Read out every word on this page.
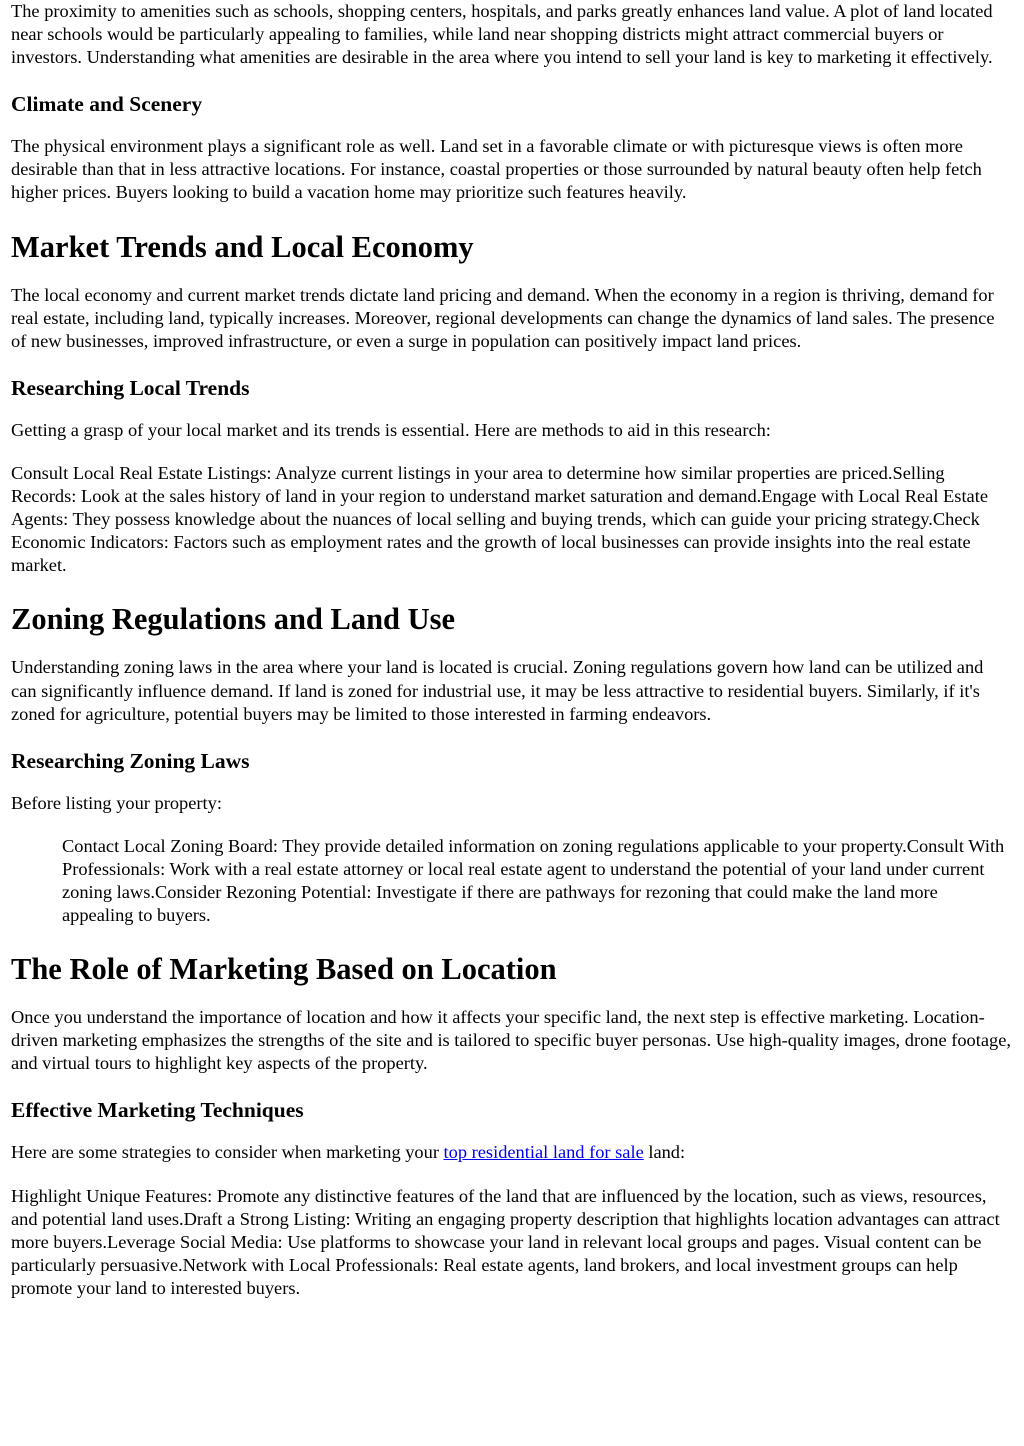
The proximity to amenities such as schools, shopping centers, hospitals, and parks greatly enhances land value. A plot of land located near schools would be particularly appealing to families, while land near shopping districts might attract commercial buyers or investors. Understanding what amenities are desirable in the area where you intend to sell your land is key to marketing it effectively.

Climate and Scenery

The physical environment plays a significant role as well. Land set in a favorable climate or with picturesque views is often more desirable than that in less attractive locations. For instance, coastal properties or those surrounded by natural beauty often help fetch higher prices. Buyers looking to build a vacation home may prioritize such features heavily.

Market Trends and Local Economy

The local economy and current market trends dictate land pricing and demand. When the economy in a region is thriving, demand for real estate, including land, typically increases. Moreover, regional developments can change the dynamics of land sales. The presence of new businesses, improved infrastructure, or even a surge in population can positively impact land prices.

Researching Local Trends

Getting a grasp of your local market and its trends is essential. Here are methods to aid in this research:

Consult Local Real Estate Listings: Analyze current listings in your area to determine how similar properties are priced.Selling Records: Look at the sales history of land in your region to understand market saturation and demand.Engage with Local Real Estate Agents: They possess knowledge about the nuances of local selling and buying trends, which can guide your pricing strategy.Check Economic Indicators: Factors such as employment rates and the growth of local businesses can provide insights into the real estate market.

Zoning Regulations and Land Use

Understanding zoning laws in the area where your land is located is crucial. Zoning regulations govern how land can be utilized and can significantly influence demand. If land is zoned for industrial use, it may be less attractive to residential buyers. Similarly, if it's zoned for agriculture, potential buyers may be limited to those interested in farming endeavors.

Researching Zoning Laws

Before listing your property:

Contact Local Zoning Board: They provide detailed information on zoning regulations applicable to your property.Consult With Professionals: Work with a real estate attorney or local real estate agent to understand the potential of your land under current zoning laws.Consider Rezoning Potential: Investigate if there are pathways for rezoning that could make the land more appealing to buyers.
The Role of Marketing Based on Location

Once you understand the importance of location and how it affects your specific land, the next step is effective marketing. Location-driven marketing emphasizes the strengths of the site and is tailored to specific buyer personas. Use high-quality images, drone footage, and virtual tours to highlight key aspects of the property.

Effective Marketing Techniques

Here are some strategies to consider when marketing your top residential land for sale land:

Highlight Unique Features: Promote any distinctive features of the land that are influenced by the location, such as views, resources, and potential land uses.Draft a Strong Listing: Writing an engaging property description that highlights location advantages can attract more buyers.Leverage Social Media: Use platforms to showcase your land in relevant local groups and pages. Visual content can be particularly persuasive.Network with Local Professionals: Real estate agents, land brokers, and local investment groups can help promote your land to interested buyers.
